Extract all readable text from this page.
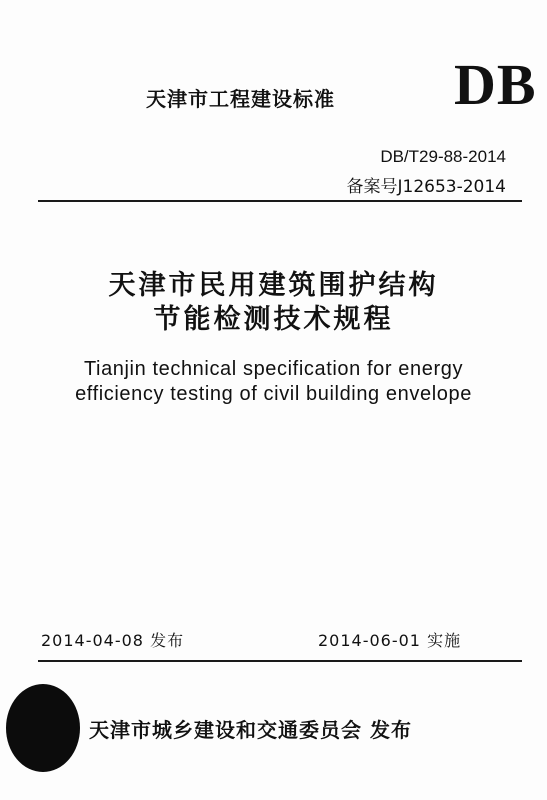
天津市工程建设标准 DB
DB/T29-88-2014
备案号J12653-2014
天津市民用建筑围护结构
节能检测技术规程
Tianjin technical specification for energy
efficiency testing of civil building envelope
2014-04-08 发布	2014-06-01 实施
天津市城乡建设和交通委员会 发布
